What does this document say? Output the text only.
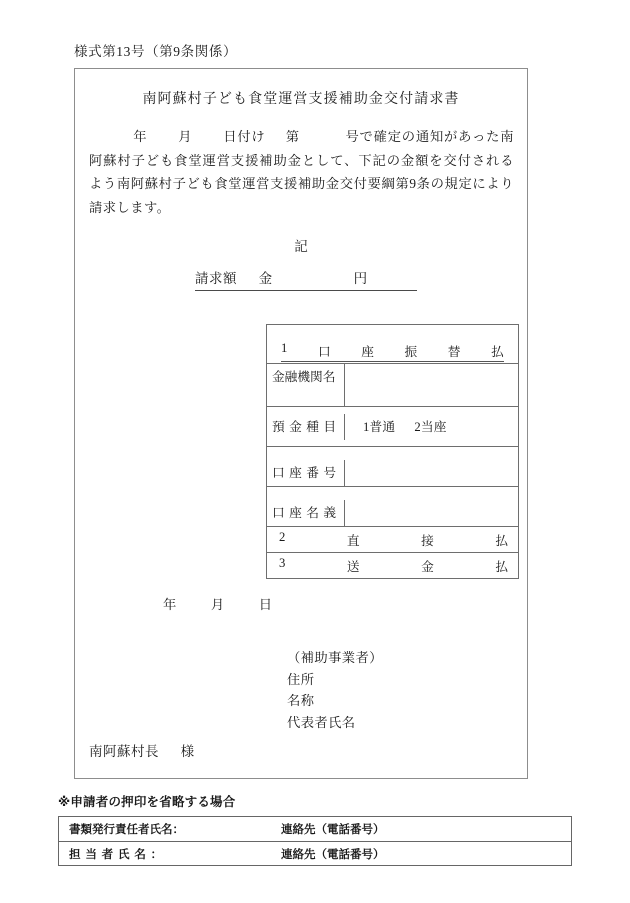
様式第13号（第9条関係）
南阿蘇村子ども食堂運営支援補助金交付請求書
年 月 日付け 第	号で確定の通知があった南阿蘇村子ども食堂運営支援補助金として、下記の金額を交付されるよう南阿蘇村子ども食堂運営支援補助金交付要綱第9条の規定により請求します。
記
請求額 金	円
1 口 座 振 替 払
金融機関名
預金種目	1普通 2当座
口座番号
口座名義
2	直	接	払
3	送	金	払
年	月	日
（補助事業者）
住所
名称
代表者氏名
南阿蘇村長 様
※申請者の押印を省略する場合
書類発行責任者氏名：	連絡先（電話番号）
担当者氏名：	連絡先（電話番号）
